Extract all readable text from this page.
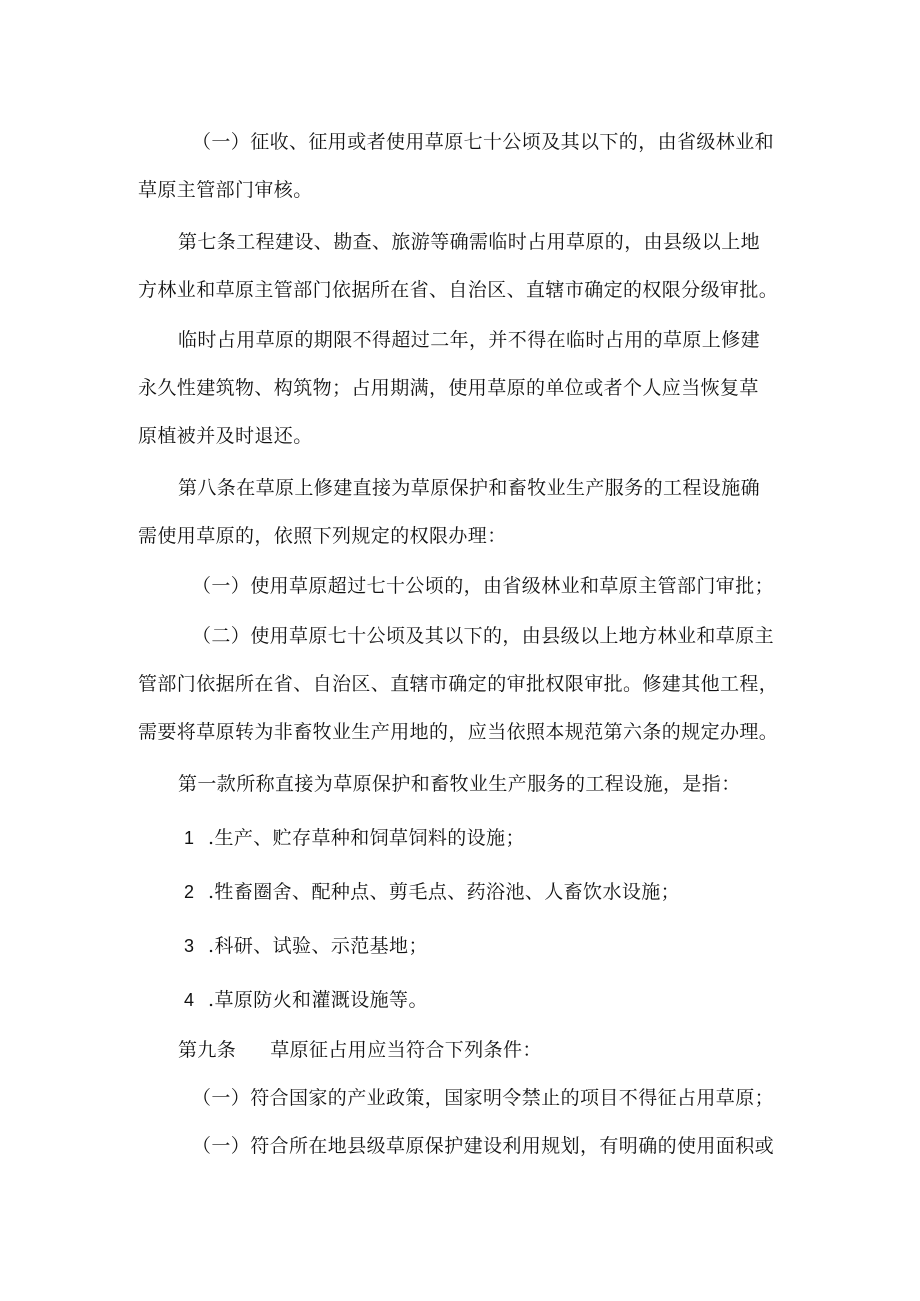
（一）征收、征用或者使用草原七十公顷及其以下的，由省级林业和
草原主管部门审核。
第七条工程建设、勘查、旅游等确需临时占用草原的，由县级以上地
方林业和草原主管部门依据所在省、自治区、直辖市确定的权限分级审批。
临时占用草原的期限不得超过二年，并不得在临时占用的草原上修建
永久性建筑物、构筑物；占用期满，使用草原的单位或者个人应当恢复草
原植被并及时退还。
第八条在草原上修建直接为草原保护和畜牧业生产服务的工程设施确
需使用草原的，依照下列规定的权限办理：
（一）使用草原超过七十公顷的，由省级林业和草原主管部门审批；
（二）使用草原七十公顷及其以下的，由县级以上地方林业和草原主
管部门依据所在省、自治区、直辖市确定的审批权限审批。修建其他工程，
需要将草原转为非畜牧业生产用地的，应当依照本规范第六条的规定办理。
第一款所称直接为草原保护和畜牧业生产服务的工程设施，是指：
1 .生产、贮存草种和饲草饲料的设施；
2 .牲畜圈舍、配种点、剪毛点、药浴池、人畜饮水设施；
3 .科研、试验、示范基地；
4 .草原防火和灌溉设施等。
第九条 草原征占用应当符合下列条件：
（一）符合国家的产业政策，国家明令禁止的项目不得征占用草原；
（一）符合所在地县级草原保护建设利用规划，有明确的使用面积或
